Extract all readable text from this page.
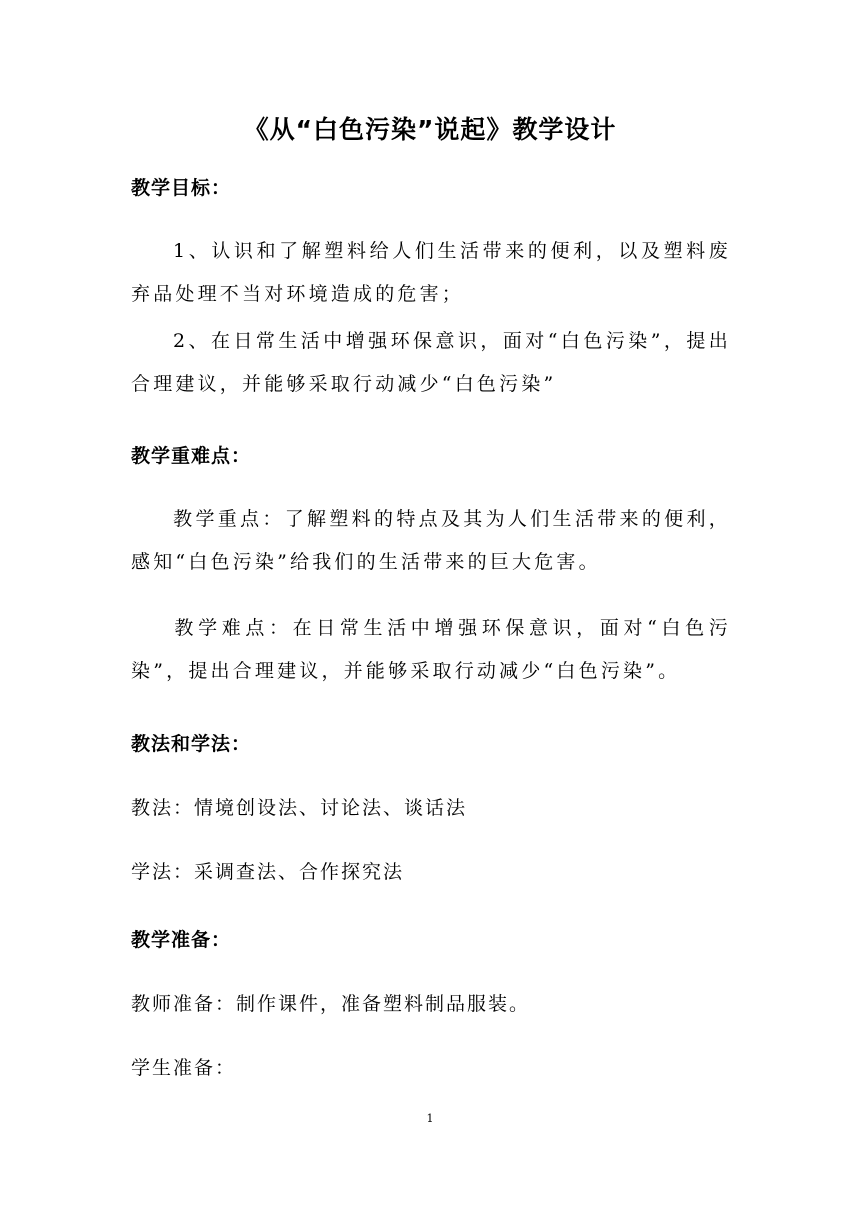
《从“白色污染”说起》教学设计
教学目标：
1、认识和了解塑料给人们生活带来的便利，以及塑料废弃品处理不当对环境造成的危害；
2、在日常生活中增强环保意识，面对“白色污染”，提出合理建议，并能够采取行动减少“白色污染”
教学重难点：
教学重点：了解塑料的特点及其为人们生活带来的便利，感知“白色污染”给我们的生活带来的巨大危害。
教学难点：在日常生活中增强环保意识，面对“白色污染”，提出合理建议，并能够采取行动减少“白色污染”。
教法和学法：
教法：情境创设法、讨论法、谈话法
学法：采调查法、合作探究法
教学准备：
教师准备：制作课件，准备塑料制品服装。
学生准备：
1
